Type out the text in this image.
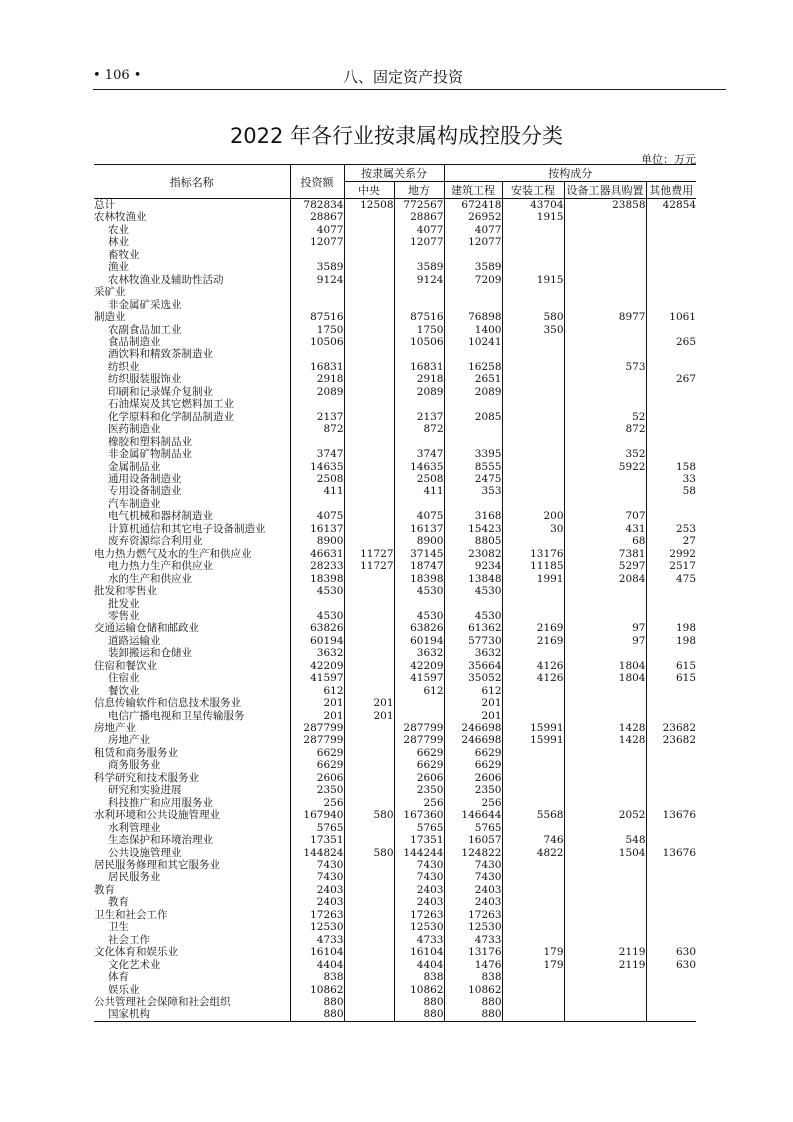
• 106 •	八、固定资产投资
2022 年各行业按隶属构成控股分类
单位：万元
指标名称	投资额	按隶属关系分		按构成分			
		中央	地方	建筑工程	安装工程	设备工器具购置	其他费用
总计	782834	12508	772567	672418	43704	23858	42854
农林牧渔业	28867		28867	26952	1915		
农业	4077		4077	4077			
林业	12077		12077	12077			
畜牧业							
渔业	3589		3589	3589			
农林牧渔业及辅助性活动	9124		9124	7209	1915		
采矿业							
非金属矿采选业							
制造业	87516		87516	76898	580	8977	1061
农副食品加工业	1750		1750	1400	350		
食品制造业	10506		10506	10241			265
酒饮料和精致茶制造业							
纺织业	16831		16831	16258		573	
纺织服装服饰业	2918		2918	2651			267
印刷和记录媒介复制业	2089		2089	2089			
石油煤炭及其它燃料加工业							
化学原料和化学制品制造业	2137		2137	2085		52	
医药制造业	872		872			872	
橡胶和塑料制品业							
非金属矿物制品业	3747		3747	3395		352	
金属制品业	14635		14635	8555		5922	158
通用设备制造业	2508		2508	2475			33
专用设备制造业	411		411	353			58
汽车制造业							
电气机械和器材制造业	4075		4075	3168	200	707	
计算机通信和其它电子设备制造业	16137		16137	15423	30	431	253
废弃资源综合利用业	8900		8900	8805		68	27
电力热力燃气及水的生产和供应业	46631	11727	37145	23082	13176	7381	2992
电力热力生产和供应业	28233	11727	18747	9234	11185	5297	2517
水的生产和供应业	18398		18398	13848	1991	2084	475
批发和零售业	4530		4530	4530			
批发业							
零售业	4530		4530	4530			
交通运输仓储和邮政业	63826		63826	61362	2169	97	198
道路运输业	60194		60194	57730	2169	97	198
装卸搬运和仓储业	3632		3632	3632			
住宿和餐饮业	42209		42209	35664	4126	1804	615
住宿业	41597		41597	35052	4126	1804	615
餐饮业	612		612	612			
信息传输软件和信息技术服务业	201	201		201			
电信广播电视和卫星传输服务	201	201		201			
房地产业	287799		287799	246698	15991	1428	23682
房地产业	287799		287799	246698	15991	1428	23682
租赁和商务服务业	6629		6629	6629			
商务服务业	6629		6629	6629			
科学研究和技术服务业	2606		2606	2606			
研究和实验进展	2350		2350	2350			
科技推广和应用服务业	256		256	256			
水利环境和公共设施管理业	167940	580	167360	146644	5568	2052	13676
水利管理业	5765		5765	5765			
生态保护和环境治理业	17351		17351	16057	746	548	
公共设施管理业	144824	580	144244	124822	4822	1504	13676
居民服务修理和其它服务业	7430		7430	7430			
居民服务业	7430		7430	7430			
教育	2403		2403	2403			
教育	2403		2403	2403			
卫生和社会工作	17263		17263	17263			
卫生	12530		12530	12530			
社会工作	4733		4733	4733			
文化体育和娱乐业	16104		16104	13176	179	2119	630
文化艺术业	4404		4404	1476	179	2119	630
体育	838		838	838			
娱乐业	10862		10862	10862			
公共管理社会保障和社会组织	880		880	880			
国家机构	880		880	880			
